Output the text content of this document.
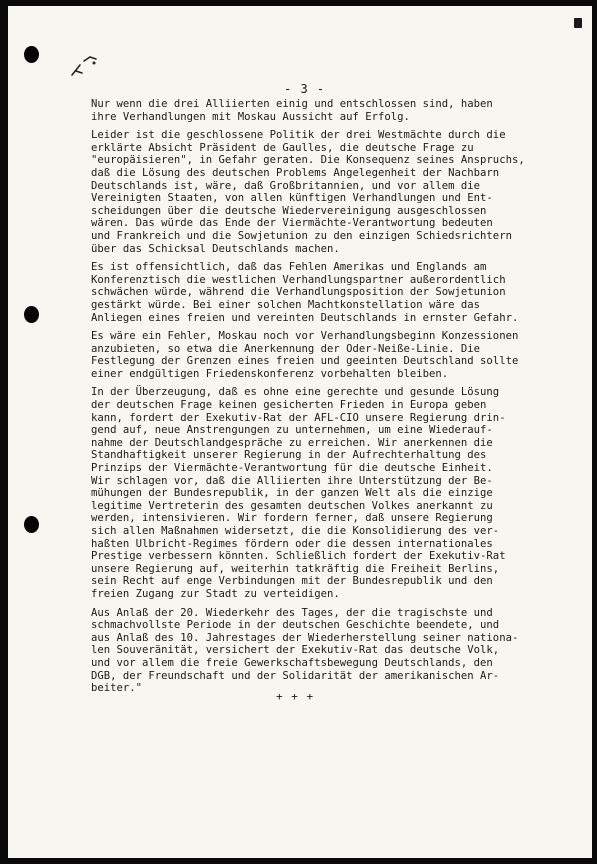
- 3 -
Nur wenn die drei Alliierten einig und entschlossen sind, haben
ihre Verhandlungen mit Moskau Aussicht auf Erfolg.
Leider ist die geschlossene Politik der drei Westmächte durch die
erklärte Absicht Präsident de Gaulles, die deutsche Frage zu
"europäisieren", in Gefahr geraten. Die Konsequenz seines Anspruchs,
daß die Lösung des deutschen Problems Angelegenheit der Nachbarn
Deutschlands ist, wäre, daß Großbritannien, und vor allem die
Vereinigten Staaten, von allen künftigen Verhandlungen und Ent-
scheidungen über die deutsche Wiedervereinigung ausgeschlossen
wären. Das würde das Ende der Viermächte-Verantwortung bedeuten
und Frankreich und die Sowjetunion zu den einzigen Schiedsrichtern
über das Schicksal Deutschlands machen.
Es ist offensichtlich, daß das Fehlen Amerikas und Englands am
Konferenztisch die westlichen Verhandlungspartner außerordentlich
schwächen würde, während die Verhandlungsposition der Sowjetunion
gestärkt würde. Bei einer solchen Machtkonstellation wäre das
Anliegen eines freien und vereinten Deutschlands in ernster Gefahr.
Es wäre ein Fehler, Moskau noch vor Verhandlungsbeginn Konzessionen
anzubieten, so etwa die Anerkennung der Oder-Neiße-Linie. Die
Festlegung der Grenzen eines freien und geeinten Deutschland sollte
einer endgültigen Friedenskonferenz vorbehalten bleiben.
In der Überzeugung, daß es ohne eine gerechte und gesunde Lösung
der deutschen Frage keinen gesicherten Frieden in Europa geben
kann, fordert der Exekutiv-Rat der AFL-CIO unsere Regierung drin-
gend auf, neue Anstrengungen zu unternehmen, um eine Wiederauf-
nahme der Deutschlandgespräche zu erreichen. Wir anerkennen die
Standhaftigkeit unserer Regierung in der Aufrechterhaltung des
Prinzips der Viermächte-Verantwortung für die deutsche Einheit.
Wir schlagen vor, daß die Alliierten ihre Unterstützung der Be-
mühungen der Bundesrepublik, in der ganzen Welt als die einzige
legitime Vertreterin des gesamten deutschen Volkes anerkannt zu
werden, intensivieren. Wir fordern ferner, daß unsere Regierung
sich allen Maßnahmen widersetzt, die die Konsolidierung des ver-
haßten Ulbricht-Regimes fördern oder die dessen internationales
Prestige verbessern könnten. Schließlich fordert der Exekutiv-Rat
unsere Regierung auf, weiterhin tatkräftig die Freiheit Berlins,
sein Recht auf enge Verbindungen mit der Bundesrepublik und den
freien Zugang zur Stadt zu verteidigen.
Aus Anlaß der 20. Wiederkehr des Tages, der die tragischste und
schmachvollste Periode in der deutschen Geschichte beendete, und
aus Anlaß des 10. Jahrestages der Wiederherstellung seiner nationa-
len Souveränität, versichert der Exekutiv-Rat das deutsche Volk,
und vor allem die freie Gewerkschaftsbewegung Deutschlands, den
DGB, der Freundschaft und der Solidarität der amerikanischen Ar-
beiter."
+ + +
